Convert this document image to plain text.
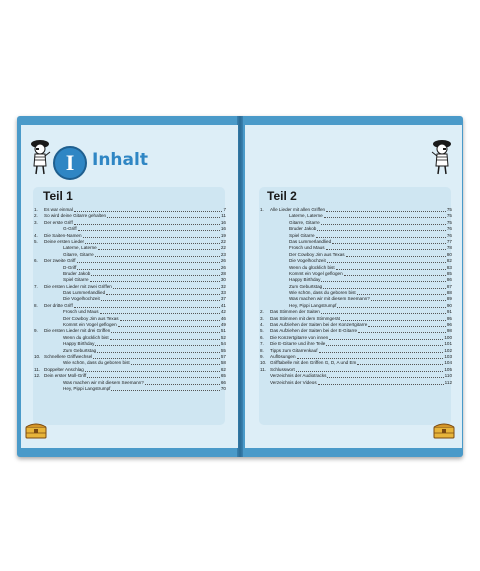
I	Inhalt
Teil 1
1.	Es war einmal	7
2.	So wird deine Gitarre gehalten	11
3.	Der erste Griff	16
G-Griff	16
4.	Die Saiten-Namen	19
5.	Deine ersten Lieder	22
Laterne, Laterne	22
Gitarre, Gitarre	23
6.	Der zweite Griff	26
D-Griff	26
Bruder Jakob	28
Spiel Gitarre	30
7.	Die ersten Lieder mit zwei Griffen	32
Das Lummerlandlied	33
Die Vogelhochzeit	37
8.	Der dritte Griff	41
Frosch und Maus	42
Der Cowboy Jim aus Texas	46
Kommt ein Vogel geflogen	49
9.	Die ersten Lieder mit drei Griffen	51
Wenn du glücklich bist	52
Happy Birthday	54
Zum Geburtstag	55
10. Schnellere Griffwechsel	57
Wie schön, dass du geboren bist	58
11. Doppelter Anschlag	62
12. Dein erster Moll-Griff	65
Was machen wir mit diesem Seemann?	66
Hey, Pippi Langstrumpf	70
Teil 2
1.	Alle Lieder mit allen Griffen	75
Laterne, Laterne	75
Gitarre, Gitarre	75
Bruder Jakob	76
Spiel Gitarre	76
Das Lummerlandlied	77
Frosch und Maus	78
Der Cowboy Jim aus Texas	80
Die Vogelhochzeit	82
Wenn du glücklich bist	83
Kommt ein Vogel geflogen	85
Happy Birthday	86
Zum Geburtstag	87
Wie schön, dass du geboren bist	88
Was machen wir mit diesem Seemann?	89
Hey, Pippi Langstrumpf	90
2.	Das Stimmen der Saiten	91
3.	Das Stimmen mit dem Stimmgerät	95
4.	Das Aufziehen der Saiten bei der Konzertgitarre	96
5.	Das Aufziehen der Saiten bei der E-Gitarre	98
6.	Die Konzertgitarre von innen	100
7.	Die E-Gitarre und ihre Teile	101
8.	Tipps zum Gitarrenkauf	102
9.	Auflösungen	103
10. Grifftabelle mit den Griffen G, D, A und Em	104
11. Schlusswort	105
Verzeichnis der Audiotracks	110
Verzeichnis der Videos	112
